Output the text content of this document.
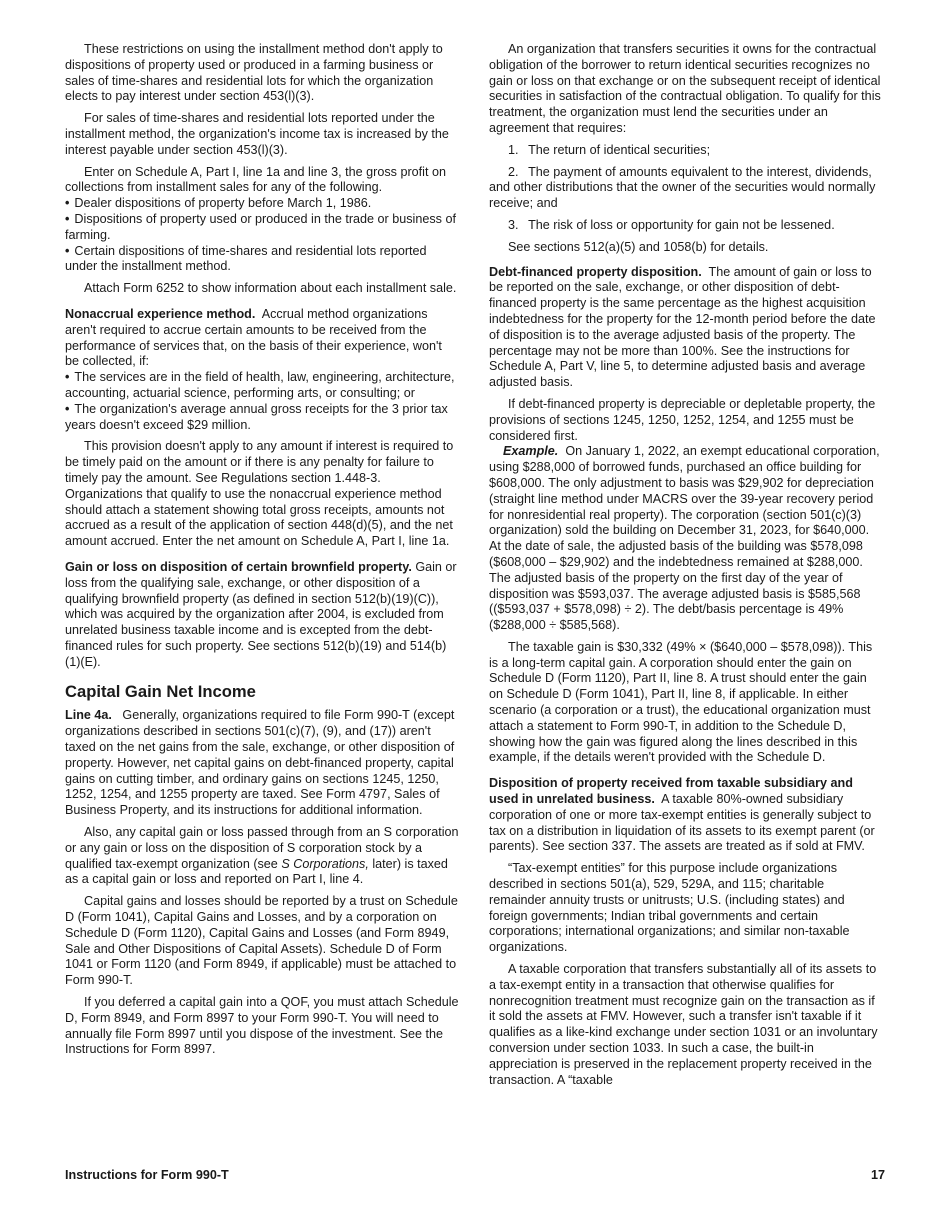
These restrictions on using the installment method don't apply to dispositions of property used or produced in a farming business or sales of time-shares and residential lots for which the organization elects to pay interest under section 453(l)(3).

For sales of time-shares and residential lots reported under the installment method, the organization's income tax is increased by the interest payable under section 453(l)(3).

Enter on Schedule A, Part I, line 1a and line 3, the gross profit on collections from installment sales for any of the following.

• Dealer dispositions of property before March 1, 1986.

• Dispositions of property used or produced in the trade or business of farming.

• Certain dispositions of time-shares and residential lots reported under the installment method.

Attach Form 6252 to show information about each installment sale.

Nonaccrual experience method. Accrual method organizations aren't required to accrue certain amounts to be received from the performance of services that, on the basis of their experience, won't be collected, if:

• The services are in the field of health, law, engineering, architecture, accounting, actuarial science, performing arts, or consulting; or

• The organization's average annual gross receipts for the 3 prior tax years doesn't exceed $29 million.

This provision doesn't apply to any amount if interest is required to be timely paid on the amount or if there is any penalty for failure to timely pay the amount. See Regulations section 1.448-3. Organizations that qualify to use the nonaccrual experience method should attach a statement showing total gross receipts, amounts not accrued as a result of the application of section 448(d)(5), and the net amount accrued. Enter the net amount on Schedule A, Part I, line 1a.

Gain or loss on disposition of certain brownfield property. Gain or loss from the qualifying sale, exchange, or other disposition of a qualifying brownfield property (as defined in section 512(b)(19)(C)), which was acquired by the organization after 2004, is excluded from unrelated business taxable income and is excepted from the debt-financed rules for such property. See sections 512(b)(19) and 514(b)(1)(E).

Capital Gain Net Income

Line 4a. Generally, organizations required to file Form 990-T (except organizations described in sections 501(c)(7), (9), and (17)) aren't taxed on the net gains from the sale, exchange, or other disposition of property. However, net capital gains on debt-financed property, capital gains on cutting timber, and ordinary gains on sections 1245, 1250, 1252, 1254, and 1255 property are taxed. See Form 4797, Sales of Business Property, and its instructions for additional information.

Also, any capital gain or loss passed through from an S corporation or any gain or loss on the disposition of S corporation stock by a qualified tax-exempt organization (see S Corporations, later) is taxed as a capital gain or loss and reported on Part I, line 4.

Capital gains and losses should be reported by a trust on Schedule D (Form 1041), Capital Gains and Losses, and by a corporation on Schedule D (Form 1120), Capital Gains and Losses (and Form 8949, Sale and Other Dispositions of Capital Assets). Schedule D of Form 1041 or Form 1120 (and Form 8949, if applicable) must be attached to Form 990-T.

If you deferred a capital gain into a QOF, you must attach Schedule D, Form 8949, and Form 8997 to your Form 990-T. You will need to annually file Form 8997 until you dispose of the investment. See the Instructions for Form 8997.

An organization that transfers securities it owns for the contractual obligation of the borrower to return identical securities recognizes no gain or loss on that exchange or on the subsequent receipt of identical securities in satisfaction of the contractual obligation. To qualify for this treatment, the organization must lend the securities under an agreement that requires:

1.  The return of identical securities;

2.  The payment of amounts equivalent to the interest, dividends, and other distributions that the owner of the securities would normally receive; and

3.  The risk of loss or opportunity for gain not be lessened.

See sections 512(a)(5) and 1058(b) for details.

Debt-financed property disposition. The amount of gain or loss to be reported on the sale, exchange, or other disposition of debt-financed property is the same percentage as the highest acquisition indebtedness for the property for the 12-month period before the date of disposition is to the average adjusted basis of the property. The percentage may not be more than 100%. See the instructions for Schedule A, Part V, line 5, to determine adjusted basis and average adjusted basis.

If debt-financed property is depreciable or depletable property, the provisions of sections 1245, 1250, 1252, 1254, and 1255 must be considered first.

Example. On January 1, 2022, an exempt educational corporation, using $288,000 of borrowed funds, purchased an office building for $608,000. The only adjustment to basis was $29,902 for depreciation (straight line method under MACRS over the 39-year recovery period for nonresidential real property). The corporation (section 501(c)(3) organization) sold the building on December 31, 2023, for $640,000. At the date of sale, the adjusted basis of the building was $578,098 ($608,000 – $29,902) and the indebtedness remained at $288,000. The adjusted basis of the property on the first day of the year of disposition was $593,037. The average adjusted basis is $585,568 (($593,037 + $578,098) ÷ 2). The debt/basis percentage is 49% ($288,000 ÷ $585,568).

The taxable gain is $30,332 (49% × ($640,000 – $578,098)). This is a long-term capital gain. A corporation should enter the gain on Schedule D (Form 1120), Part II, line 8. A trust should enter the gain on Schedule D (Form 1041), Part II, line 8, if applicable. In either scenario (a corporation or a trust), the educational organization must attach a statement to Form 990-T, in addition to the Schedule D, showing how the gain was figured along the lines described in this example, if the details weren't provided with the Schedule D.

Disposition of property received from taxable subsidiary and used in unrelated business. A taxable 80%-owned subsidiary corporation of one or more tax-exempt entities is generally subject to tax on a distribution in liquidation of its assets to its exempt parent (or parents). See section 337. The assets are treated as if sold at FMV.

“Tax-exempt entities” for this purpose include organizations described in sections 501(a), 529, 529A, and 115; charitable remainder annuity trusts or unitrusts; U.S. (including states) and foreign governments; Indian tribal governments and certain corporations; international organizations; and similar non-taxable organizations.

A taxable corporation that transfers substantially all of its assets to a tax-exempt entity in a transaction that otherwise qualifies for nonrecognition treatment must recognize gain on the transaction as if it sold the assets at FMV. However, such a transfer isn't taxable if it qualifies as a like-kind exchange under section 1031 or an involuntary conversion under section 1033. In such a case, the built-in appreciation is preserved in the replacement property received in the transaction. A “taxable

Instructions for Form 990-T	17
